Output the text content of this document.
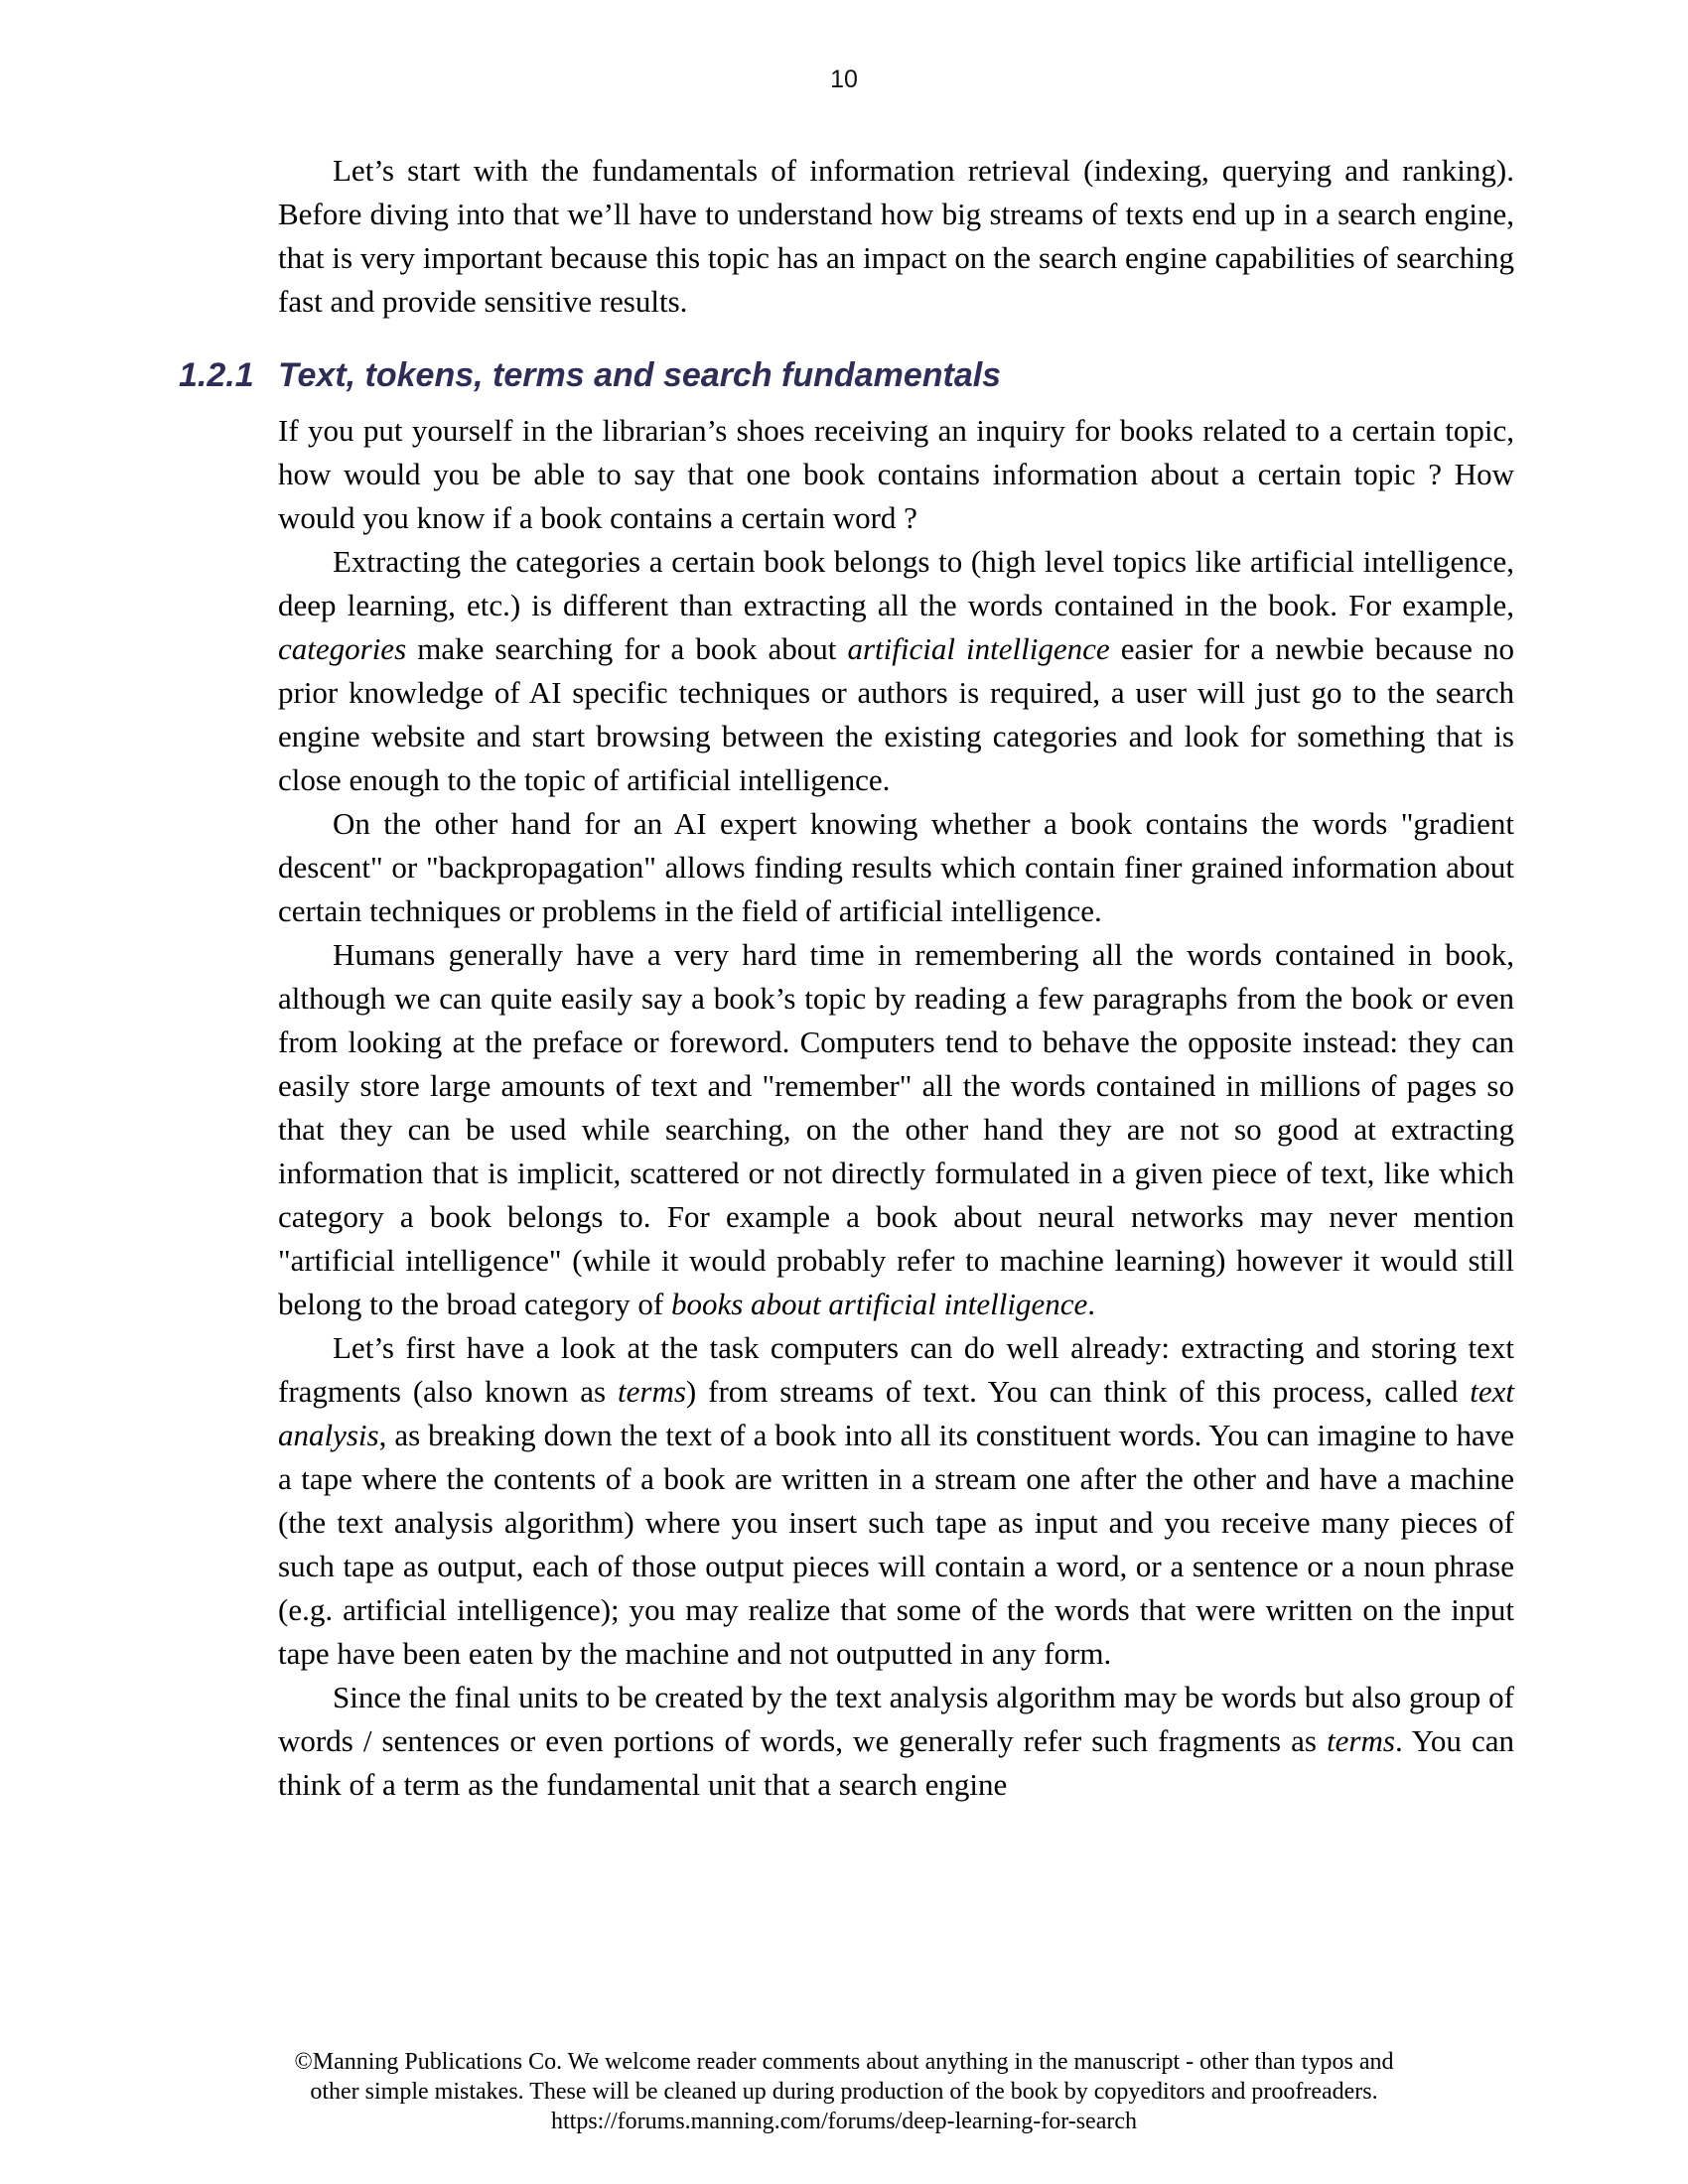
10

Let’s start with the fundamentals of information retrieval (indexing, querying and ranking). Before diving into that we’ll have to understand how big streams of texts end up in a search engine, that is very important because this topic has an impact on the search engine capabilities of searching fast and provide sensitive results.

1.2.1 Text, tokens, terms and search fundamentals

If you put yourself in the librarian’s shoes receiving an inquiry for books related to a certain topic, how would you be able to say that one book contains information about a certain topic ? How would you know if a book contains a certain word ?

Extracting the categories a certain book belongs to (high level topics like artificial intelligence, deep learning, etc.) is different than extracting all the words contained in the book. For example, categories make searching for a book about artificial intelligence easier for a newbie because no prior knowledge of AI specific techniques or authors is required, a user will just go to the search engine website and start browsing between the existing categories and look for something that is close enough to the topic of artificial intelligence.

On the other hand for an AI expert knowing whether a book contains the words "gradient descent" or "backpropagation" allows finding results which contain finer grained information about certain techniques or problems in the field of artificial intelligence.

Humans generally have a very hard time in remembering all the words contained in book, although we can quite easily say a book’s topic by reading a few paragraphs from the book or even from looking at the preface or foreword. Computers tend to behave the opposite instead: they can easily store large amounts of text and "remember" all the words contained in millions of pages so that they can be used while searching, on the other hand they are not so good at extracting information that is implicit, scattered or not directly formulated in a given piece of text, like which category a book belongs to. For example a book about neural networks may never mention "artificial intelligence" (while it would probably refer to machine learning) however it would still belong to the broad category of books about artificial intelligence.

Let’s first have a look at the task computers can do well already: extracting and storing text fragments (also known as terms) from streams of text. You can think of this process, called text analysis, as breaking down the text of a book into all its constituent words. You can imagine to have a tape where the contents of a book are written in a stream one after the other and have a machine (the text analysis algorithm) where you insert such tape as input and you receive many pieces of such tape as output, each of those output pieces will contain a word, or a sentence or a noun phrase (e.g. artificial intelligence); you may realize that some of the words that were written on the input tape have been eaten by the machine and not outputted in any form.

Since the final units to be created by the text analysis algorithm may be words but also group of words / sentences or even portions of words, we generally refer such fragments as terms. You can think of a term as the fundamental unit that a search engine

©Manning Publications Co. We welcome reader comments about anything in the manuscript - other than typos and
other simple mistakes. These will be cleaned up during production of the book by copyeditors and proofreaders.
https://forums.manning.com/forums/deep-learning-for-search
